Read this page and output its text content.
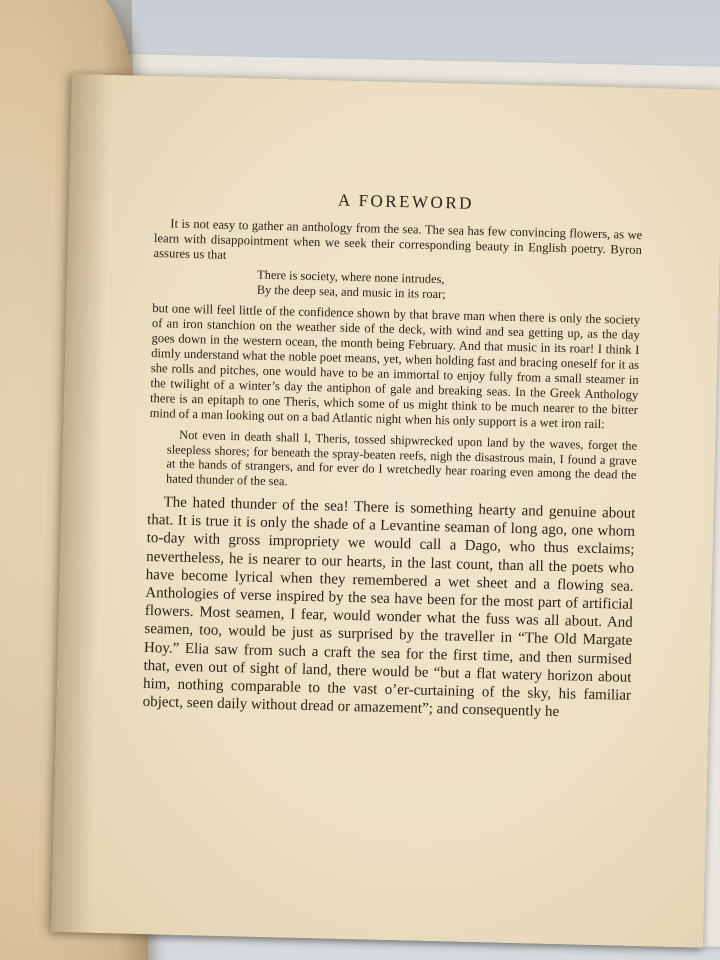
A FOREWORD

It is not easy to gather an anthology from the sea. The sea has few convincing flowers, as we learn with disappointment when we seek their corresponding beauty in English poetry. Byron assures us that

There is society, where none intrudes,
By the deep sea, and music in its roar;

but one will feel little of the confidence shown by that brave man when there is only the society of an iron stanchion on the weather side of the deck, with wind and sea getting up, as the day goes down in the western ocean, the month being February. And that music in its roar! I think I dimly understand what the noble poet means, yet, when holding fast and bracing oneself for it as she rolls and pitches, one would have to be an immortal to enjoy fully from a small steamer in the twilight of a winter’s day the antiphon of gale and breaking seas. In the Greek Anthology there is an epitaph to one Theris, which some of us might think to be much nearer to the bitter mind of a man looking out on a bad Atlantic night when his only support is a wet iron rail:

Not even in death shall I, Theris, tossed shipwrecked upon land by the waves, forget the sleepless shores; for beneath the spray-beaten reefs, nigh the disastrous main, I found a grave at the hands of strangers, and for ever do I wretchedly hear roaring even among the dead the hated thunder of the sea.

The hated thunder of the sea! There is something hearty and genuine about that. It is true it is only the shade of a Levantine seaman of long ago, one whom to-day with gross impropriety we would call a Dago, who thus exclaims; nevertheless, he is nearer to our hearts, in the last count, than all the poets who have become lyrical when they remembered a wet sheet and a flowing sea. Anthologies of verse inspired by the sea have been for the most part of artificial flowers. Most seamen, I fear, would wonder what the fuss was all about. And seamen, too, would be just as surprised by the traveller in “The Old Margate Hoy.” Elia saw from such a craft the sea for the first time, and then surmised that, even out of sight of land, there would be “but a flat watery horizon about him, nothing comparable to the vast o’er-curtaining of the sky, his familiar object, seen daily without dread or amazement”; and consequently he
